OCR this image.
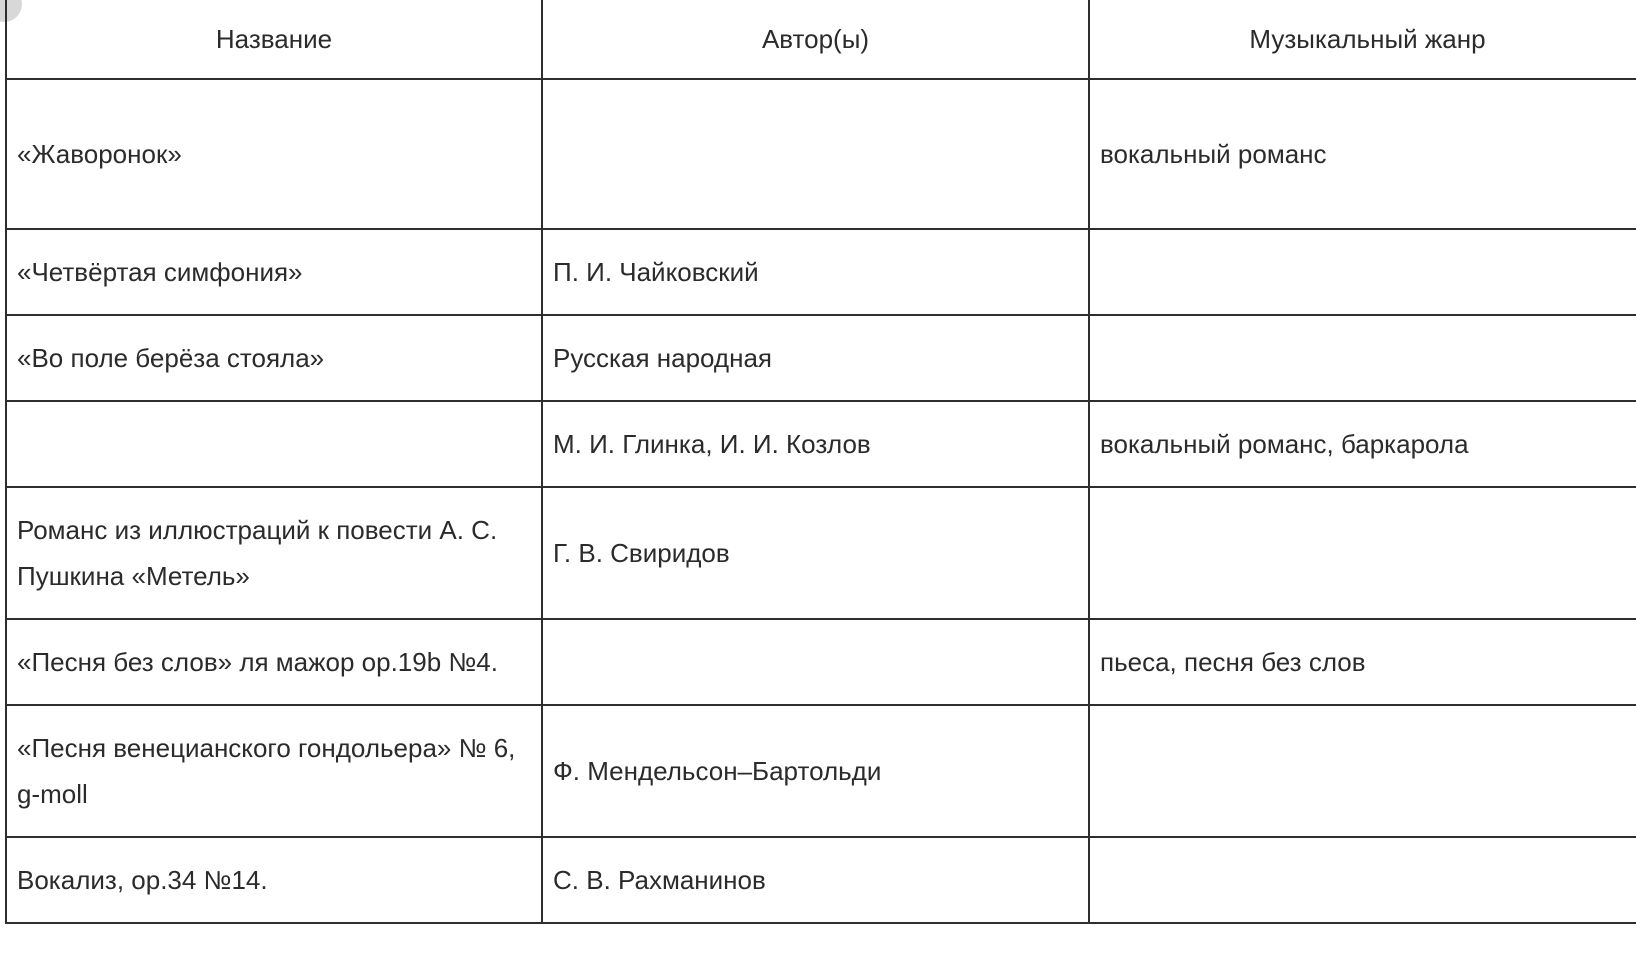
Название	Автор(ы)	Музыкальный жанр
«Жаворонок»		вокальный романс
«Четвёртая симфония»	П. И. Чайковский	
«Во поле берёза стояла»	Русская народная	
	М. И. Глинка, И. И. Козлов	вокальный романс, баркарола
Романс из иллюстраций к повести А. С. Пушкина «Метель»	Г. В. Свиридов	
«Песня без слов» ля мажор ор.19b №4.		пьеса, песня без слов
«Песня венецианского гондольера» № 6, g-moll	Ф. Мендельсон–Бартольди	
Вокализ, ор.34 №14.	С. В. Рахманинов	
